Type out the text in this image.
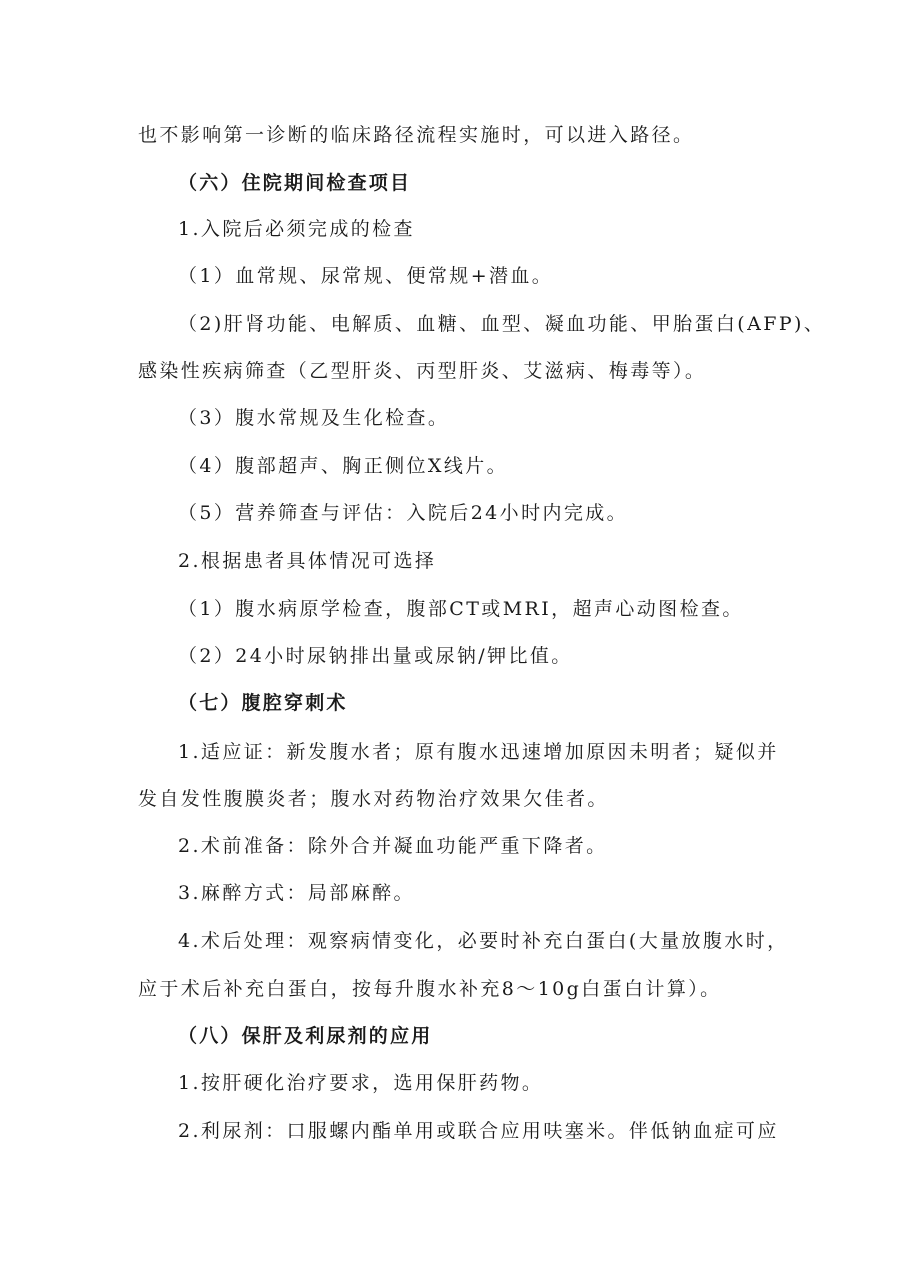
也不影响第一诊断的临床路径流程实施时，可以进入路径。
（六）住院期间检查项目
1.入院后必须完成的检查
（1）血常规、尿常规、便常规+潜血。
（2)肝肾功能、电解质、血糖、血型、凝血功能、甲胎蛋白(AFP)、
感染性疾病筛查（乙型肝炎、丙型肝炎、艾滋病、梅毒等）。
（3）腹水常规及生化检查。
（4）腹部超声、胸正侧位X线片。
（5）营养筛查与评估：入院后24小时内完成。
2.根据患者具体情况可选择
（1）腹水病原学检查，腹部CT或MRI，超声心动图检查。
（2）24小时尿钠排出量或尿钠/钾比值。
（七）腹腔穿刺术
1.适应证：新发腹水者；原有腹水迅速增加原因未明者；疑似并
发自发性腹膜炎者；腹水对药物治疗效果欠佳者。
2.术前准备：除外合并凝血功能严重下降者。
3.麻醉方式：局部麻醉。
4.术后处理：观察病情变化，必要时补充白蛋白(大量放腹水时，
应于术后补充白蛋白，按每升腹水补充8～10g白蛋白计算）。
（八）保肝及利尿剂的应用
1.按肝硬化治疗要求，选用保肝药物。
2.利尿剂：口服螺内酯单用或联合应用呋塞米。伴低钠血症可应
